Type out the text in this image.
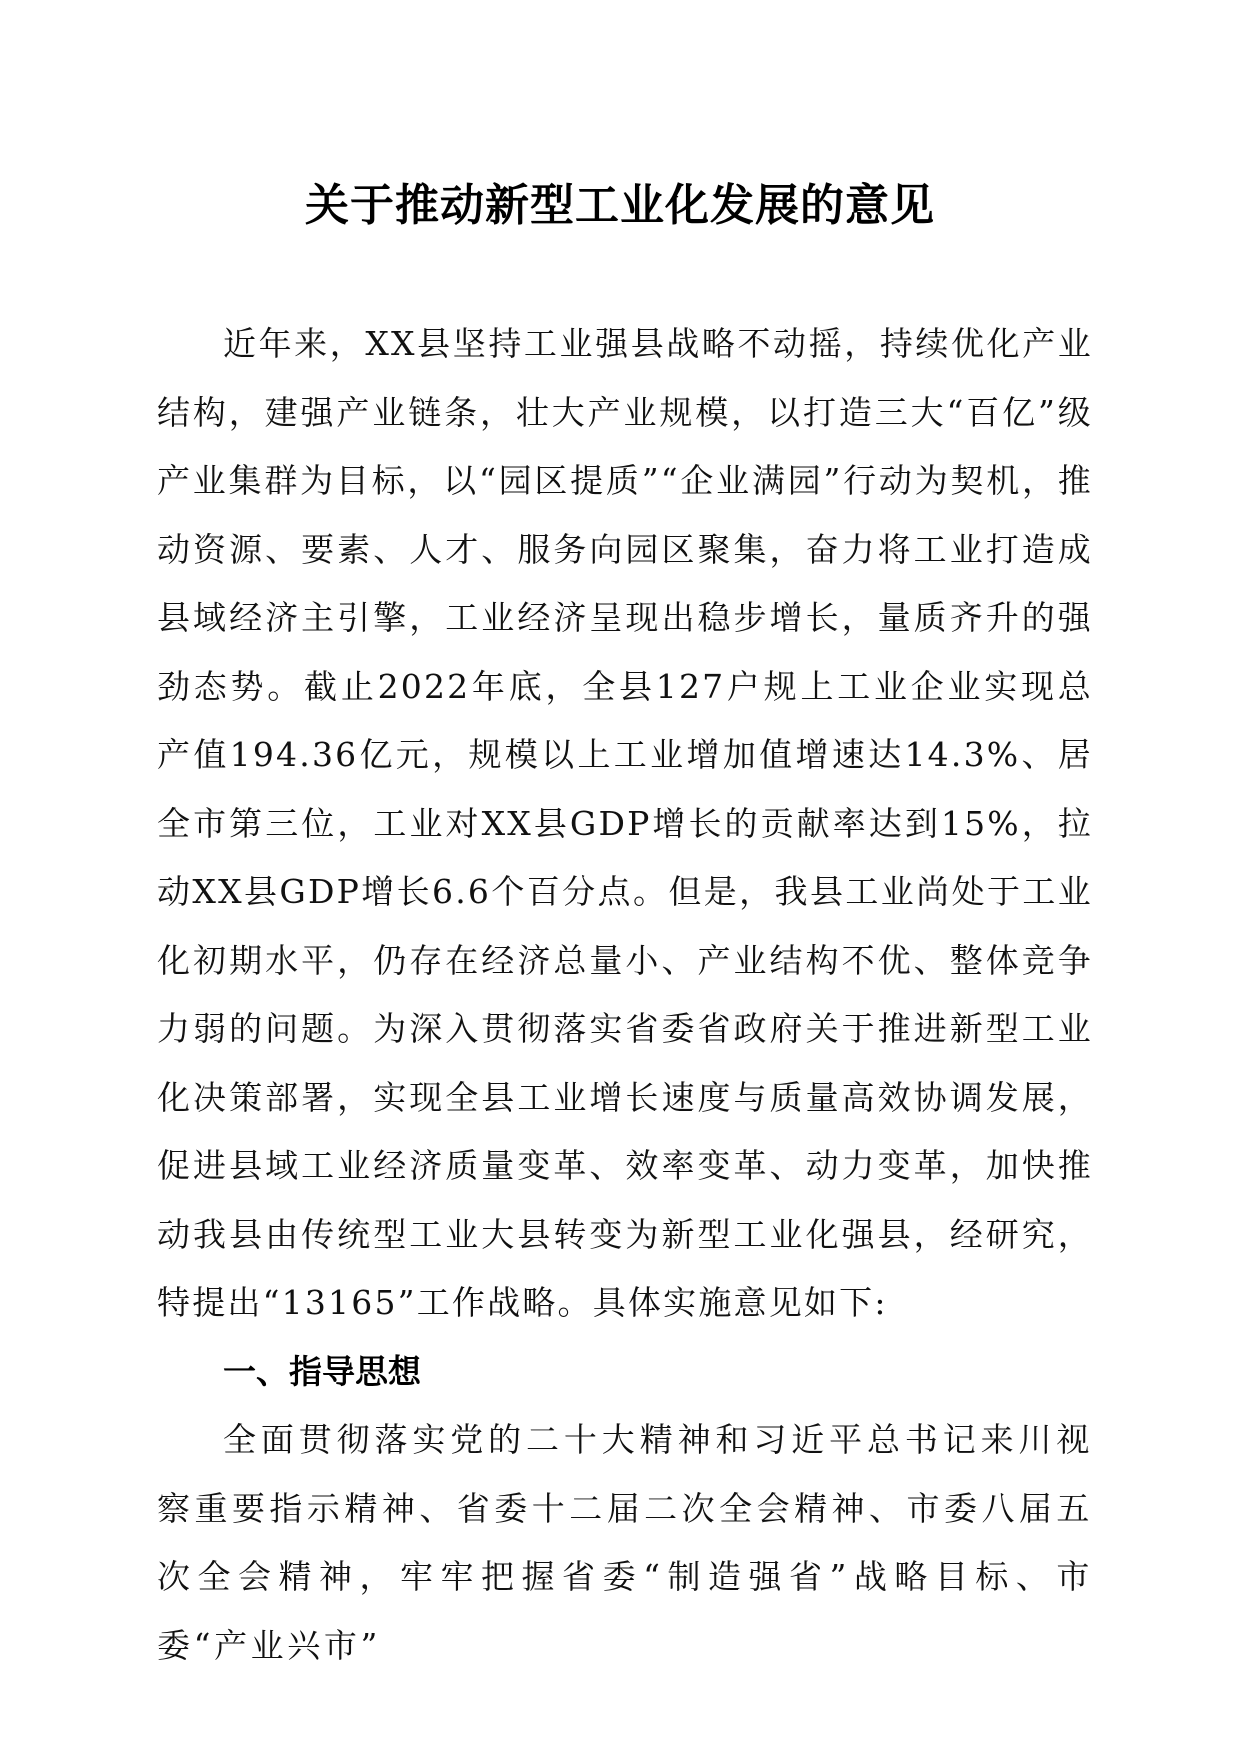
关于推动新型工业化发展的意见

近年来，XX县坚持工业强县战略不动摇，持续优化产业结构，建强产业链条，壮大产业规模，以打造三大“百亿”级产业集群为目标，以“园区提质”“企业满园”行动为契机，推动资源、要素、人才、服务向园区聚集，奋力将工业打造成县域经济主引擎，工业经济呈现出稳步增长，量质齐升的强劲态势。截止2022年底，全县127户规上工业企业实现总产值194.36亿元，规模以上工业增加值增速达14.3%、居全市第三位，工业对XX县GDP增长的贡献率达到15%，拉动XX县GDP增长6.6个百分点。但是，我县工业尚处于工业化初期水平，仍存在经济总量小、产业结构不优、整体竞争力弱的问题。为深入贯彻落实省委省政府关于推进新型工业化决策部署，实现全县工业增长速度与质量高效协调发展，促进县域工业经济质量变革、效率变革、动力变革，加快推动我县由传统型工业大县转变为新型工业化强县，经研究，特提出“13165”工作战略。具体实施意见如下:

一、指导思想

全面贯彻落实党的二十大精神和习近平总书记来川视察重要指示精神、省委十二届二次全会精神、市委八届五次全会精神，牢牢把握省委“制造强省”战略目标、市委“产业兴市”
